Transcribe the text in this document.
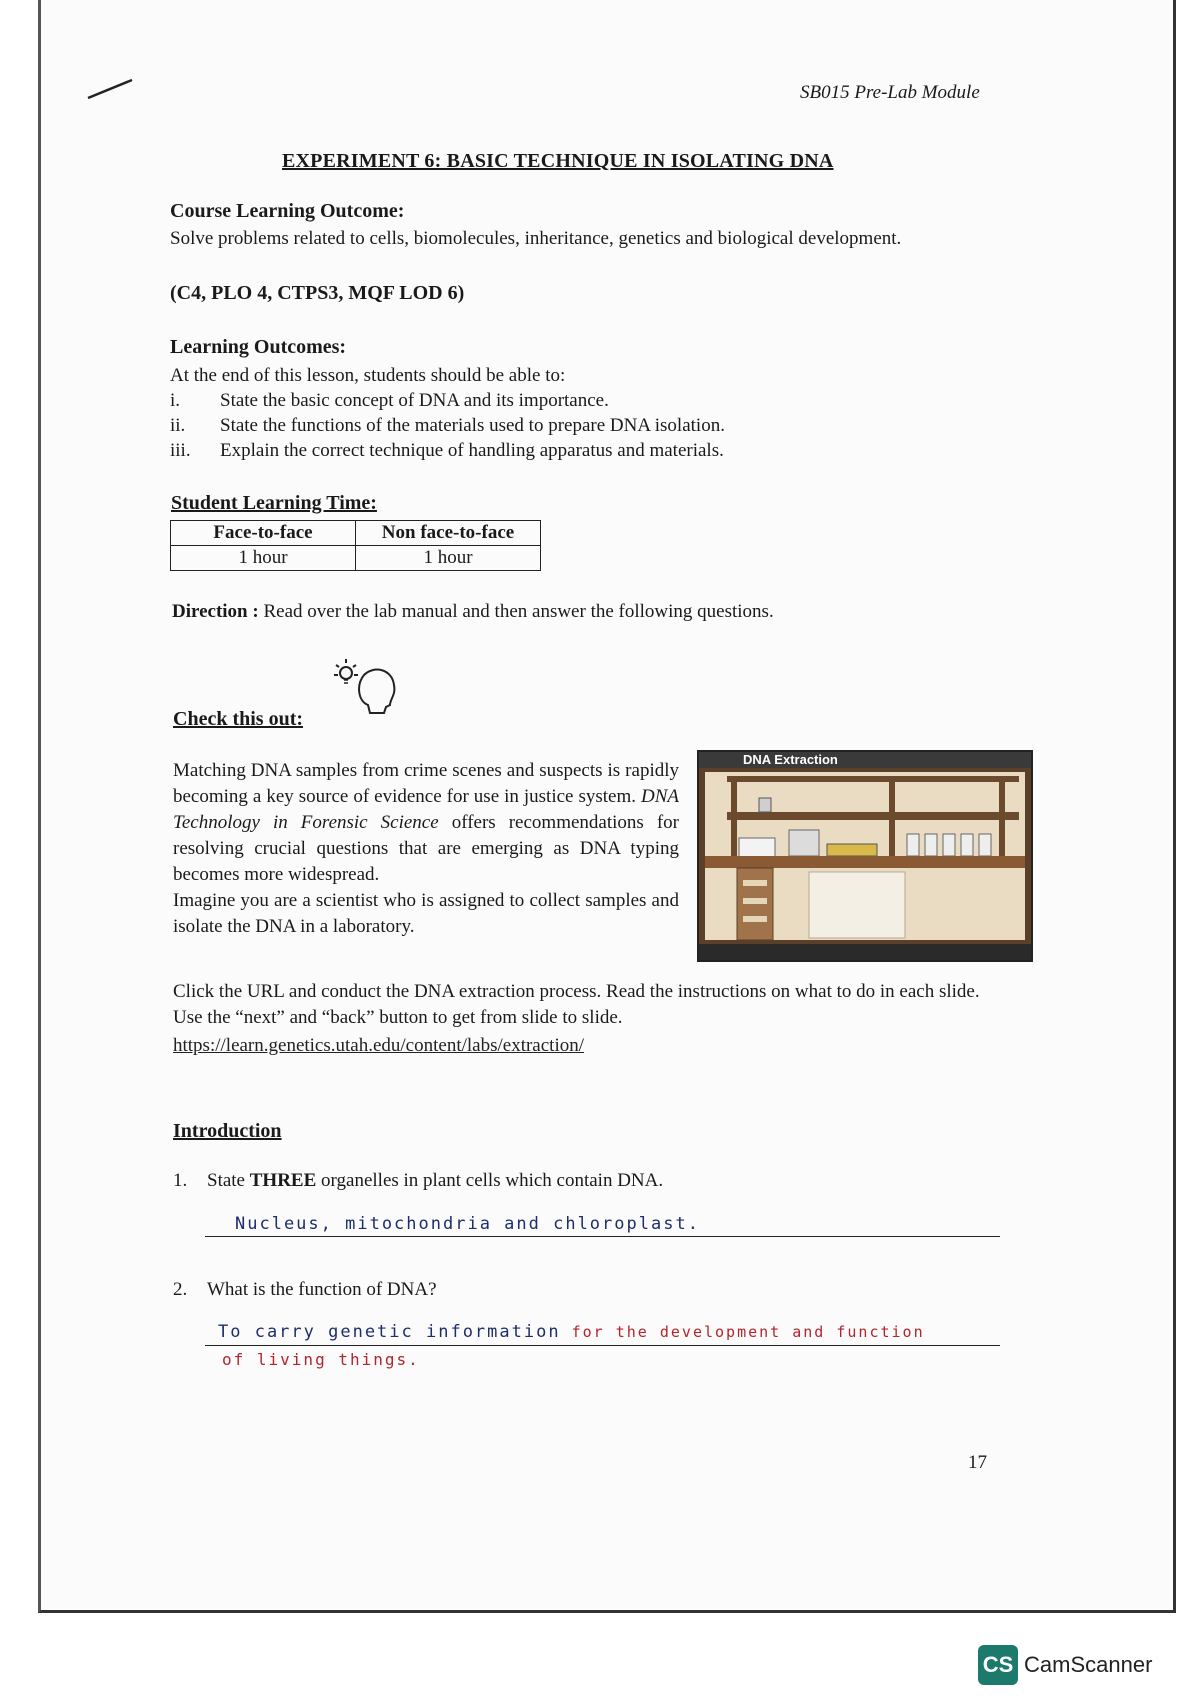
SB015 Pre-Lab Module
EXPERIMENT 6: BASIC TECHNIQUE IN ISOLATING DNA
Course Learning Outcome:
Solve problems related to cells, biomolecules, inheritance, genetics and biological development.
(C4, PLO 4, CTPS3, MQF LOD 6)
Learning Outcomes:
At the end of this lesson, students should be able to:
i. State the basic concept of DNA and its importance.
ii. State the functions of the materials used to prepare DNA isolation.
iii. Explain the correct technique of handling apparatus and materials.
Student Learning Time:
Face-to-face	Non face-to-face
1 hour	1 hour
Direction : Read over the lab manual and then answer the following questions.
Check this out:
Matching DNA samples from crime scenes and suspects is rapidly becoming a key source of evidence for use in justice system. DNA Technology in Forensic Science offers recommendations for resolving crucial questions that are emerging as DNA typing becomes more widespread.
Imagine you are a scientist who is assigned to collect samples and isolate the DNA in a laboratory.
DNA Extraction
Click the URL and conduct the DNA extraction process. Read the instructions on what to do in each slide. Use the “next” and “back” button to get from slide to slide.
https://learn.genetics.utah.edu/content/labs/extraction/
Introduction
1. State THREE organelles in plant cells which contain DNA.
Nucleus, mitochondria and chloroplast.
2. What is the function of DNA?
To carry genetic information for the development and function
of living things.
17
CS CamScanner
